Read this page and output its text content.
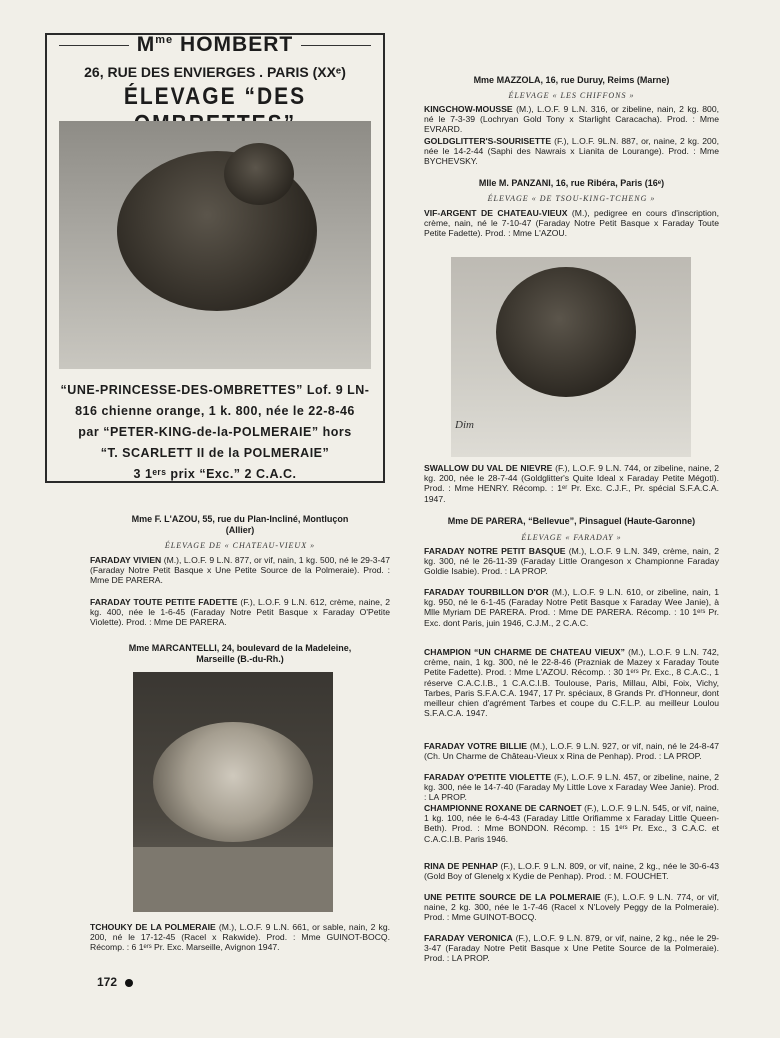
$M^{me}$ HOMBERT
26, RUE DES ENVIERGES . PARIS (XXᵉ)
ÉLEVAGE “DES
“UNE-PRINCESSE-DES-OMBRETTES” Lof. 9 LN-
816 chienne orange, 1 k. 800, née le 22-8-46
par “PETER-KING-de-la-POLMERAIE” hors
“T. SCARLETT II de la POLMERAIE”
3 1ᵉʳˢ prix “Exc.” 2 C.A.C.
Mme F. L'AZOU, 55, rue du Plan-Incliné, Montluçon
(Allier)
ÉLEVAGE DE « CHATEAU-VIEUX »
FARADAY VIVIEN (M.), L.O.F. 9 L.N. 877, or vif, nain, 1 kg. 500, né le 29-3-47 (Faraday Notre Petit Basque x Une Petite Source de la Polmeraie). Prod. : Mme DE PARERA.
FARADAY TOUTE PETITE FADETTE (F.), L.O.F. 9 L.N. 612, crème, naine, 2 kg. 400, née le 1-6-45 (Faraday Notre Petit Basque x Faraday O'Petite Violette). Prod. : Mme DE PARERA.
Mme MARCANTELLI, 24, boulevard de la Madeleine,
Marseille (B.-du-Rh.)
TCHOUKY DE LA POLMERAIE (M.), L.O.F. 9 L.N. 661, or sable, nain, 2 kg. 200, né le 17-12-45 (Racel x Rakwide). Prod. : Mme GUINOT-BOCQ. Récomp. : 6 1ᵉʳˢ Pr. Exc. Marseille, Avignon 1947.
172
Mme MAZZOLA, 16, rue Duruy, Reims (Marne)
ÉLEVAGE « LES CHIFFONS »
KINGCHOW-MOUSSE (M.), L.O.F. 9 L.N. 316, or zibeline, nain, 2 kg. 800, né le 7-3-39 (Lochryan Gold Tony x Starlight Caracacha). Prod. : Mme EVRARD.
GOLDGLITTER'S-SOURISETTE (F.), L.O.F. 9L.N. 887, or, naine, 2 kg. 200, née le 14-2-44 (Saphi des Nawrais x Lianita de Lourange). Prod. : Mme BYCHEVSKY.
Mlle M. PANZANI, 16, rue Ribéra, Paris (16ᵉ)
ÉLEVAGE « DE TSOU-KING-TCHENG »
VIF-ARGENT DE CHATEAU-VIEUX (M.), pedigree en cours d'inscription, crème, nain, né le 7-10-47 (Faraday Notre Petit Basque x Faraday Toute Petite Fadette). Prod. : Mme L'AZOU.
Dim
SWALLOW DU VAL DE NIEVRE (F.), L.O.F. 9 L.N. 744, or zibeline, naine, 2 kg. 200, née le 28-7-44 (Goldglitter's Quite Ideal x Faraday Petite Mégotl). Prod. : Mme HENRY. Récomp. : 1ᵉʳ Pr. Exc. C.J.F., Pr. spécial S.F.A.C.A. 1947.
Mme DE PARERA, “Bellevue”, Pinsaguel (Haute-Garonne)
ÉLEVAGE « FARADAY »
FARADAY NOTRE PETIT BASQUE (M.), L.O.F. 9 L.N. 349, crème, nain, 2 kg. 300, né le 26-11-39 (Faraday Little Orangeson x Championne Faraday Goldie Isabie). Prod. : LA PROP.
FARADAY TOURBILLON D'OR (M.), L.O.F. 9 L.N. 610, or zibeline, nain, 1 kg. 950, né le 6-1-45 (Faraday Notre Petit Basque x Faraday Wee Janie), à Mlle Myriam DE PARERA. Prod. : Mme DE PARERA. Récomp. : 10 1ᵉʳˢ Pr. Exc. dont Paris, juin 1946, C.J.M., 2 C.A.C.
CHAMPION “UN CHARME DE CHATEAU VIEUX” (M.), L.O.F. 9 L.N. 742, crème, nain, 1 kg. 300, né le 22-8-46 (Prazniak de Mazey x Faraday Toute Petite Fadette). Prod. : Mme L'AZOU. Récomp. : 30 1ᵉʳˢ Pr. Exc., 8 C.A.C., 1 réserve C.A.C.I.B., 1 C.A.C.I.B. Toulouse, Paris, Millau, Albi, Foix, Vichy, Tarbes, Paris S.F.A.C.A. 1947, 17 Pr. spéciaux, 8 Grands Pr. d'Honneur, dont meilleur chien d'agrément Tarbes et coupe du C.F.L.P. au meilleur Loulou S.F.A.C.A. 1947.
FARADAY VOTRE BILLIE (M.), L.O.F. 9 L.N. 927, or vif, nain, né le 24-8-47 (Ch. Un Charme de Château-Vieux x Rina de Penhap). Prod. : LA PROP.
FARADAY O'PETITE VIOLETTE (F.), L.O.F. 9 L.N. 457, or zibeline, naine, 2 kg. 300, née le 14-7-40 (Faraday My Little Love x Faraday Wee Janie). Prod. : LA PROP.
CHAMPIONNE ROXANE DE CARNOET (F.), L.O.F. 9 L.N. 545, or vif, naine, 1 kg. 100, née le 6-4-43 (Faraday Little Orifiamme x Faraday Little Queen-Beth). Prod. : Mme BONDON. Récomp. : 15 1ᵉʳˢ Pr. Exc., 3 C.A.C. et C.A.C.I.B. Paris 1946.
RINA DE PENHAP (F.), L.O.F. 9 L.N. 809, or vif, naine, 2 kg., née le 30-6-43 (Gold Boy of Glenelg x Kydie de Penhap). Prod. : M. FOUCHET.
UNE PETITE SOURCE DE LA POLMERAIE (F.), L.O.F. 9 L.N. 774, or vif, naine, 2 kg. 300, née le 1-7-46 (Racel x N'Lovely Peggy de la Polmeraie). Prod. : Mme GUINOT-BOCQ.
FARADAY VERONICA (F.), L.O.F. 9 L.N. 879, or vif, naine, 2 kg., née le 29-3-47 (Faraday Notre Petit Basque x Une Petite Source de la Polmeraie). Prod. : LA PROP.
